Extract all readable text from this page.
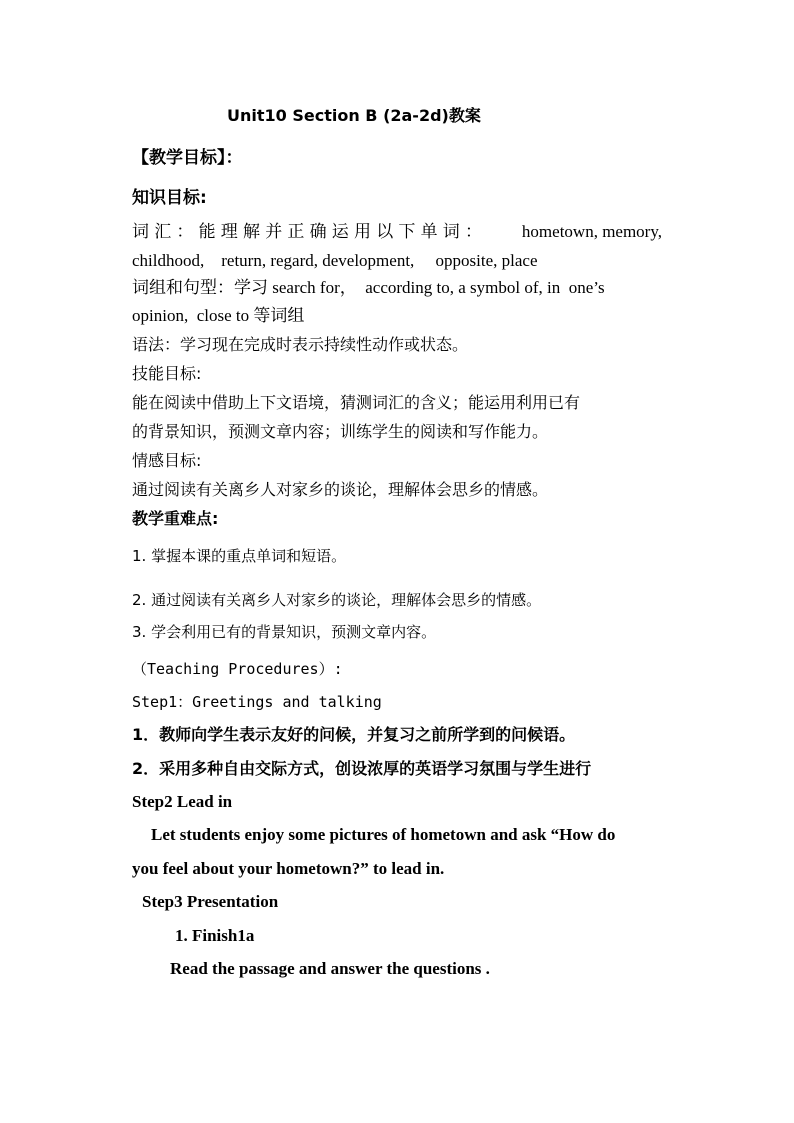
Unit10 Section B (2a-2d)教案
【教学目标】：
知识目标:
词汇：能理解并正确运用以下单词： hometown, memory,
childhood,    return, regard, development,     opposite, place
词组和句型：学习 search for，  according to, a symbol of, in  one’s
opinion,  close to 等词组
语法：学习现在完成时表示持续性动作或状态。
技能目标:
能在阅读中借助上下文语境，猜测词汇的含义；能运用利用已有
的背景知识，预测文章内容；训练学生的阅读和写作能力。
情感目标:
通过阅读有关离乡人对家乡的谈论，理解体会思乡的情感。
教学重难点:
1. 掌握本课的重点单词和短语。
2. 通过阅读有关离乡人对家乡的谈论，理解体会思乡的情感。
3. 学会利用已有的背景知识，预测文章内容。
（Teaching Procedures）:
Step1：Greetings and talking
1．教师向学生表示友好的问候，并复习之前所学到的问候语。
2．采用多种自由交际方式，创设浓厚的英语学习氛围与学生进行
Step2 Lead in
Let students enjoy some pictures of hometown and ask “How do
you feel about your hometown?” to lead in.
Step3 Presentation
1. Finish1a
Read the passage and answer the questions .
